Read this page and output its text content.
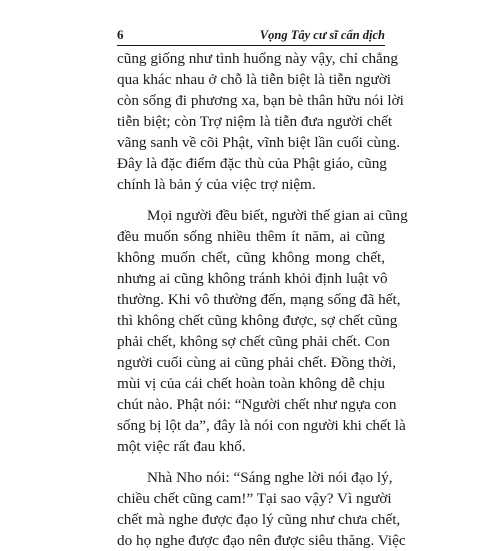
6	Vọng Tây cư sĩ cẩn dịch
cũng giống như tình huống này vậy, chỉ chẳng
qua khác nhau ở chỗ là tiễn biệt là tiễn người
còn sống đi phương xa, bạn bè thân hữu nói lời
tiễn biệt; còn Trợ niệm là tiễn đưa người chết
vãng sanh về cõi Phật, vĩnh biệt lần cuối cùng.
Đây là đặc điểm đặc thù của Phật giáo, cũng
chính là bản ý của việc trợ niệm.
Mọi người đều biết, người thế gian ai cũng
đều muốn sống nhiều thêm ít năm, ai cũng
không muốn chết, cũng không mong chết,
nhưng ai cũng không tránh khỏi định luật vô
thường. Khi vô thường đến, mạng sống đã hết,
thì không chết cũng không được, sợ chết cũng
phải chết, không sợ chết cũng phải chết. Con
người cuối cùng ai cũng phải chết. Đồng thời,
mùi vị của cái chết hoàn toàn không dễ chịu
chút nào. Phật nói: “Người chết như ngựa con
sống bị lột da”, đây là nói con người khi chết là
một việc rất đau khổ.
Nhà Nho nói: “Sáng nghe lời nói đạo lý,
chiều chết cũng cam!” Tại sao vậy? Vì người
chết mà nghe được đạo lý cũng như chưa chết,
do họ nghe được đạo nên được siêu thăng. Việc
